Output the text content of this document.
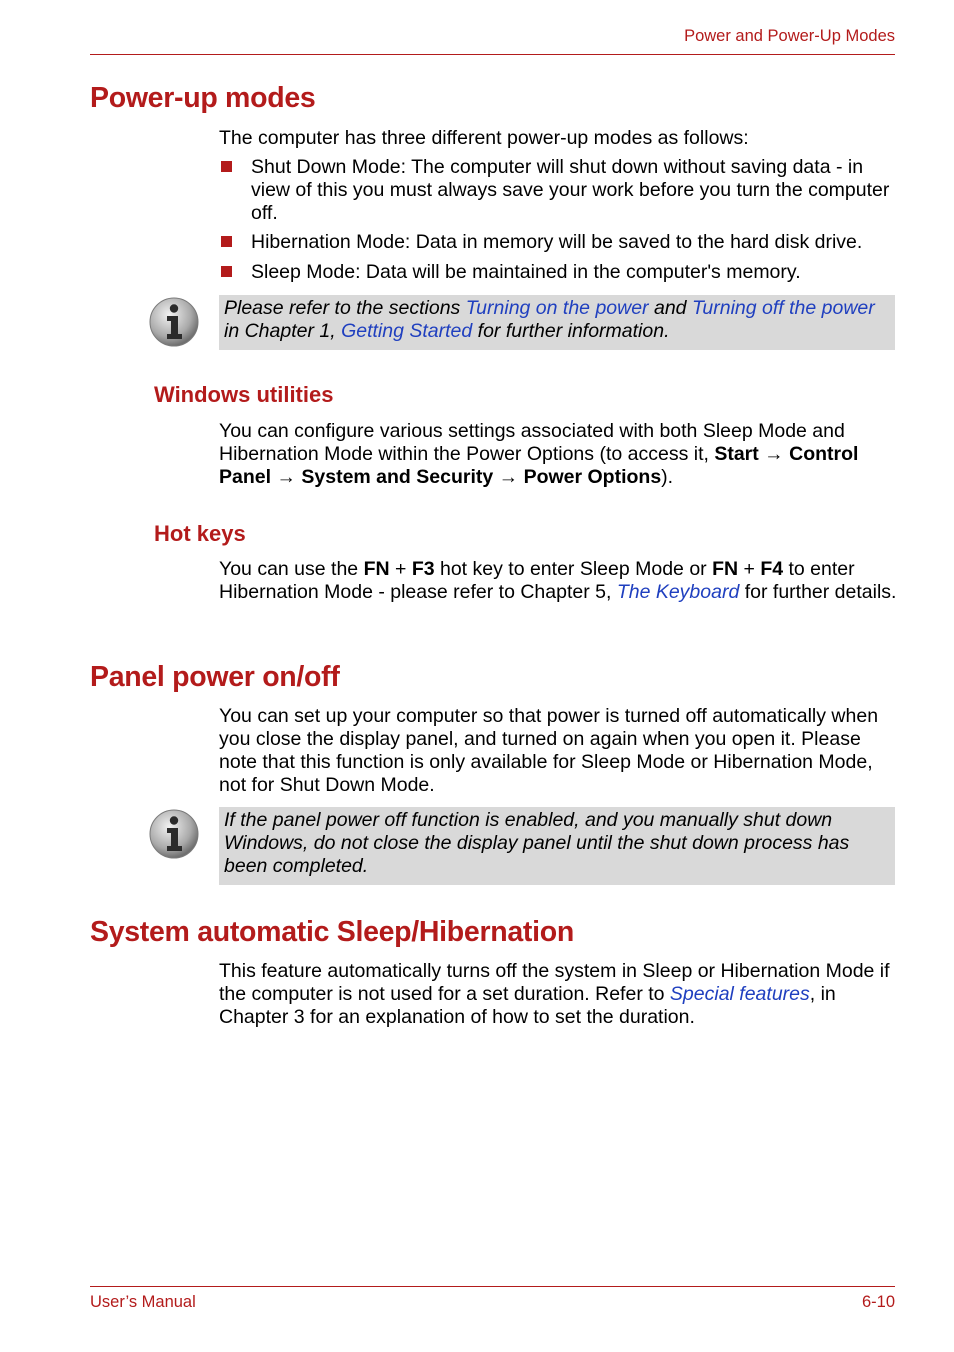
Power and Power-Up Modes
Power-up modes

The computer has three different power-up modes as follows:

Shut Down Mode: The computer will shut down without saving data - in view of this you must always save your work before you turn the computer off.
Hibernation Mode: Data in memory will be saved to the hard disk drive.
Sleep Mode: Data will be maintained in the computer's memory.
Please refer to the sections Turning on the power and Turning off the power in Chapter 1, Getting Started for further information.
Windows utilities

You can configure various settings associated with both Sleep Mode and Hibernation Mode within the Power Options (to access it, Start → Control Panel → System and Security → Power Options).

Hot keys

You can use the FN + F3 hot key to enter Sleep Mode or FN + F4 to enter Hibernation Mode - please refer to Chapter 5, The Keyboard for further details.

Panel power on/off

You can set up your computer so that power is turned off automatically when you close the display panel, and turned on again when you open it. Please note that this function is only available for Sleep Mode or Hibernation Mode, not for Shut Down Mode.

If the panel power off function is enabled, and you manually shut down Windows, do not close the display panel until the shut down process has been completed.
System automatic Sleep/Hibernation

This feature automatically turns off the system in Sleep or Hibernation Mode if the computer is not used for a set duration. Refer to Special features, in Chapter 3 for an explanation of how to set the duration.

User’s Manual	6-10
